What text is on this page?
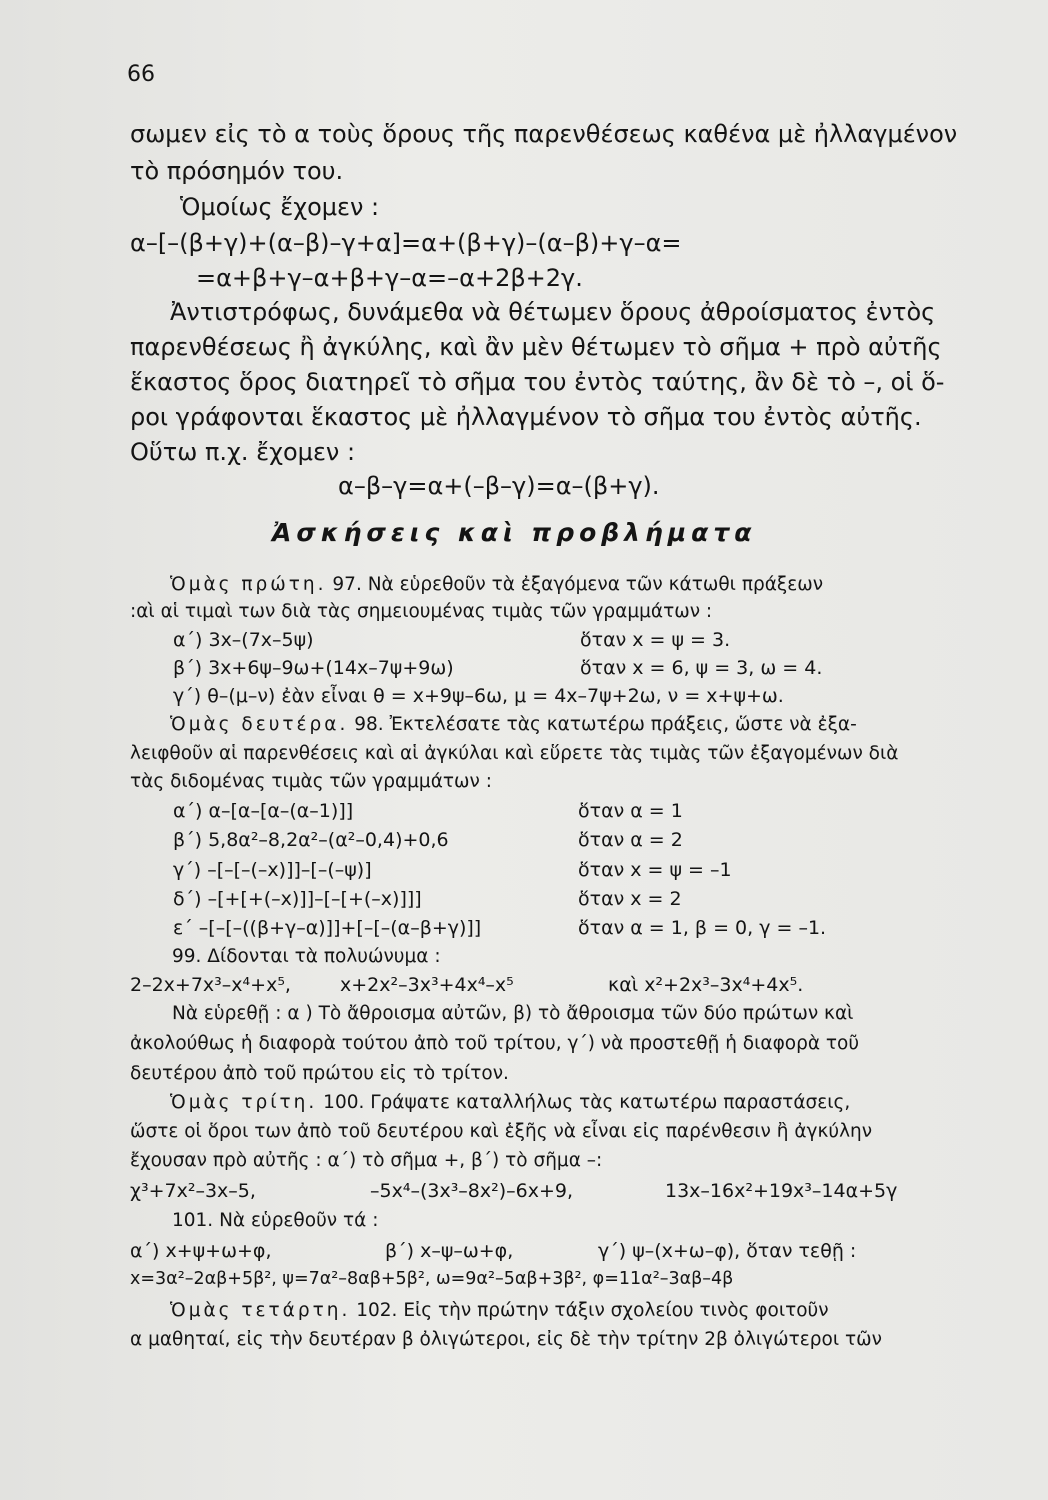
66
σωμεν εἰς τὸ α τοὺς ὅρους τῆς παρενθέσεως καθένα μὲ ἠλλαγμένον
τὸ πρόσημόν του.
Ὁμοίως ἔχομεν :
α–[–(β+γ)+(α–β)–γ+α]=α+(β+γ)–(α–β)+γ–α=
=α+β+γ–α+β+γ–α=–α+2β+2γ.
Ἀντιστρόφως, δυνάμεθα νὰ θέτωμεν ὅρους ἀθροίσματος ἐντὸς
παρενθέσεως ἢ ἀγκύλης, καὶ ἂν μὲν θέτωμεν τὸ σῆμα + πρὸ αὐτῆς
ἕκαστος ὅρος διατηρεῖ τὸ σῆμα του ἐντὸς ταύτης, ἂν δὲ τὸ –, οἱ ὅ-
ροι γράφονται ἕκαστος μὲ ἠλλαγμένον τὸ σῆμα του ἐντὸς αὐτῆς.
Οὕτω π.χ. ἔχομεν :
α–β–γ=α+(–β–γ)=α–(β+γ).
Ἀσκήσεις καὶ προβλήματα
Ὁμὰς πρώτη. 97. Νὰ εὑρεθοῦν τὰ ἐξαγόμενα τῶν κάτωθι πράξεων
:αὶ αἱ τιμαὶ των διὰ τὰς σημειουμένας τιμὰς τῶν γραμμάτων :
α΄) 3x–(7x–5ψ)	ὅταν x = ψ = 3.
β΄) 3x+6ψ–9ω+(14x–7ψ+9ω)	ὅταν x = 6, ψ = 3, ω = 4.
γ΄) θ–(μ–ν) ἐὰν εἶναι θ = x+9ψ–6ω, μ = 4x–7ψ+2ω, ν = x+ψ+ω.
Ὁμὰς δευτέρα. 98. Ἐκτελέσατε τὰς κατωτέρω πράξεις, ὥστε νὰ ἐξα-
λειφθοῦν αἱ παρενθέσεις καὶ αἱ ἀγκύλαι καὶ εὕρετε τὰς τιμὰς τῶν ἐξαγομένων διὰ
τὰς διδομένας τιμὰς τῶν γραμμάτων :
α΄) α–[α–[α–(α–1)]]	ὅταν α = 1
β΄) 5,8α²–8,2α²–(α²–0,4)+0,6	ὅταν α = 2
γ΄) –[–[–(–x)]]–[–(–ψ)]	ὅταν x = ψ = –1
δ΄) –[+[+(–x)]]–[–[+(–x)]]]	ὅταν x = 2
ε΄ –[–[–((β+γ–α)]]+[–[–(α–β+γ)]]	ὅταν α = 1, β = 0, γ = –1.
99. Δίδονται τὰ πολυώνυμα :
2–2x+7x³–x⁴+x⁵,	x+2x²–3x³+4x⁴–x⁵	καὶ x²+2x³–3x⁴+4x⁵.
Νὰ εὑρεθῇ : α ) Τὸ ἄθροισμα αὐτῶν, β) τὸ ἄθροισμα τῶν δύο πρώτων καὶ
ἀκολούθως ἡ διαφορὰ τούτου ἀπὸ τοῦ τρίτου, γ΄) νὰ προστεθῇ ἡ διαφορὰ τοῦ
δευτέρου ἀπὸ τοῦ πρώτου εἰς τὸ τρίτον.
Ὁμὰς τρίτη. 100. Γράψατε καταλλήλως τὰς κατωτέρω παραστάσεις,
ὥστε οἱ ὅροι των ἀπὸ τοῦ δευτέρου καὶ ἑξῆς νὰ εἶναι εἰς παρένθεσιν ἢ ἀγκύλην
ἔχουσαν πρὸ αὐτῆς : α΄) τὸ σῆμα +, β΄) τὸ σῆμα –:
χ³+7x²–3x–5,	–5x⁴–(3x³–8x²)–6x+9,	13x–16x²+19x³–14α+5γ
101. Νὰ εὑρεθοῦν τά :
α΄) x+ψ+ω+φ,	β΄) x–ψ–ω+φ,	γ΄) ψ–(x+ω–φ), ὅταν τεθῇ :
x=3α²–2αβ+5β², ψ=7α²–8αβ+5β², ω=9α²–5αβ+3β², φ=11α²–3αβ–4β
Ὁμὰς τετάρτη. 102. Εἰς τὴν πρώτην τάξιν σχολείου τινὸς φοιτοῦν
α μαθηταί, εἰς τὴν δευτέραν β ὀλιγώτεροι, εἰς δὲ τὴν τρίτην 2β ὀλιγώτεροι τῶν
